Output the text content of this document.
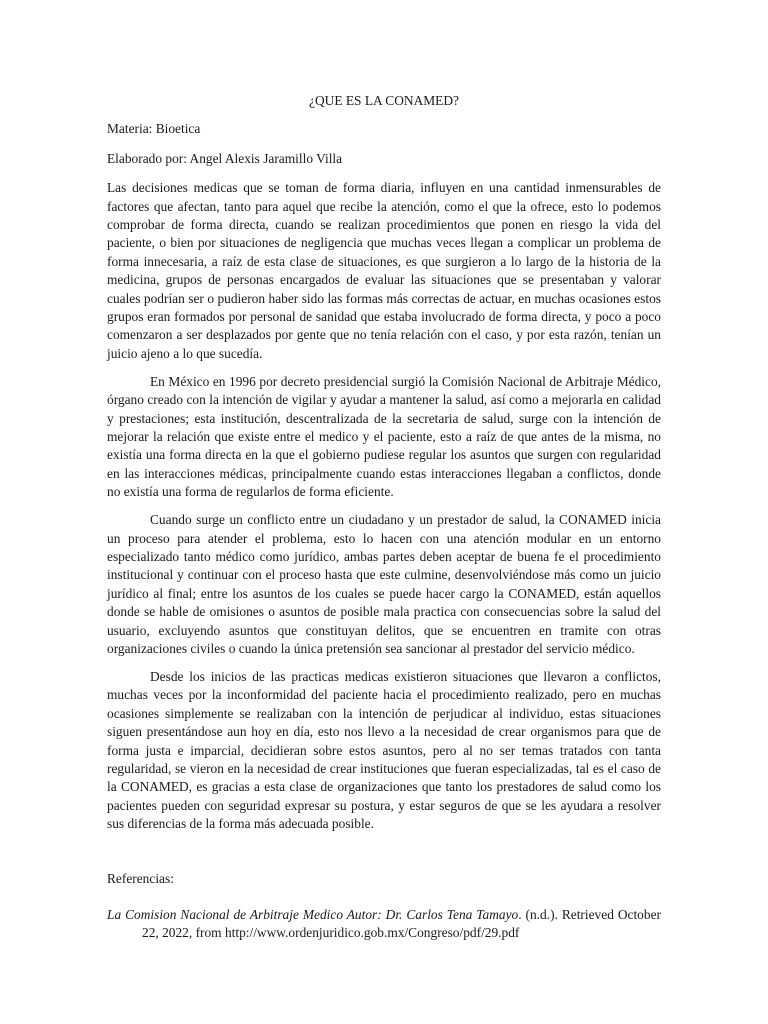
¿QUE ES LA CONAMED?
Materia: Bioetica
Elaborado por: Angel Alexis Jaramillo Villa

Las decisiones medicas que se toman de forma diaria, influyen en una cantidad inmensurables de factores que afectan, tanto para aquel que recibe la atención, como el que la ofrece, esto lo podemos comprobar de forma directa, cuando se realizan procedimientos que ponen en riesgo la vida del paciente, o bien por situaciones de negligencia que muchas veces llegan a complicar un problema de forma innecesaria, a raíz de esta clase de situaciones, es que surgieron a lo largo de la historia de la medicina, grupos de personas encargados de evaluar las situaciones que se presentaban y valorar cuales podrían ser o pudieron haber sido las formas más correctas de actuar, en muchas ocasiones estos grupos eran formados por personal de sanidad que estaba involucrado de forma directa, y poco a poco comenzaron a ser desplazados por gente que no tenía relación con el caso, y por esta razón, tenían un juicio ajeno a lo que sucedía.

En México en 1996 por decreto presidencial surgió la Comisión Nacional de Arbitraje Médico, órgano creado con la intención de vigilar y ayudar a mantener la salud, así como a mejorarla en calidad y prestaciones; esta institución, descentralizada de la secretaria de salud, surge con la intención de mejorar la relación que existe entre el medico y el paciente, esto a raíz de que antes de la misma, no existía una forma directa en la que el gobierno pudiese regular los asuntos que surgen con regularidad en las interacciones médicas, principalmente cuando estas interacciones llegaban a conflictos, donde no existía una forma de regularlos de forma eficiente.

Cuando surge un conflicto entre un ciudadano y un prestador de salud, la CONAMED inicia un proceso para atender el problema, esto lo hacen con una atención modular en un entorno especializado tanto médico como jurídico, ambas partes deben aceptar de buena fe el procedimiento institucional y continuar con el proceso hasta que este culmine, desenvolviéndose más como un juicio jurídico al final; entre los asuntos de los cuales se puede hacer cargo la CONAMED, están aquellos donde se hable de omisiones o asuntos de posible mala practica con consecuencias sobre la salud del usuario, excluyendo asuntos que constituyan delitos, que se encuentren en tramite con otras organizaciones civiles o cuando la única pretensión sea sancionar al prestador del servicio médico.

Desde los inicios de las practicas medicas existieron situaciones que llevaron a conflictos, muchas veces por la inconformidad del paciente hacia el procedimiento realizado, pero en muchas ocasiones simplemente se realizaban con la intención de perjudicar al individuo, estas situaciones siguen presentándose aun hoy en día, esto nos llevo a la necesidad de crear organismos para que de forma justa e imparcial, decidieran sobre estos asuntos, pero al no ser temas tratados con tanta regularidad, se vieron en la necesidad de crear instituciones que fueran especializadas, tal es el caso de la CONAMED, es gracias a esta clase de organizaciones que tanto los prestadores de salud como los pacientes pueden con seguridad expresar su postura, y estar seguros de que se les ayudara a resolver sus diferencias de la forma más adecuada posible.

Referencias:
La Comision Nacional de Arbitraje Medico Autor: Dr. Carlos Tena Tamayo. (n.d.). Retrieved October 22, 2022, from http://www.ordenjuridico.gob.mx/Congreso/pdf/29.pdf
